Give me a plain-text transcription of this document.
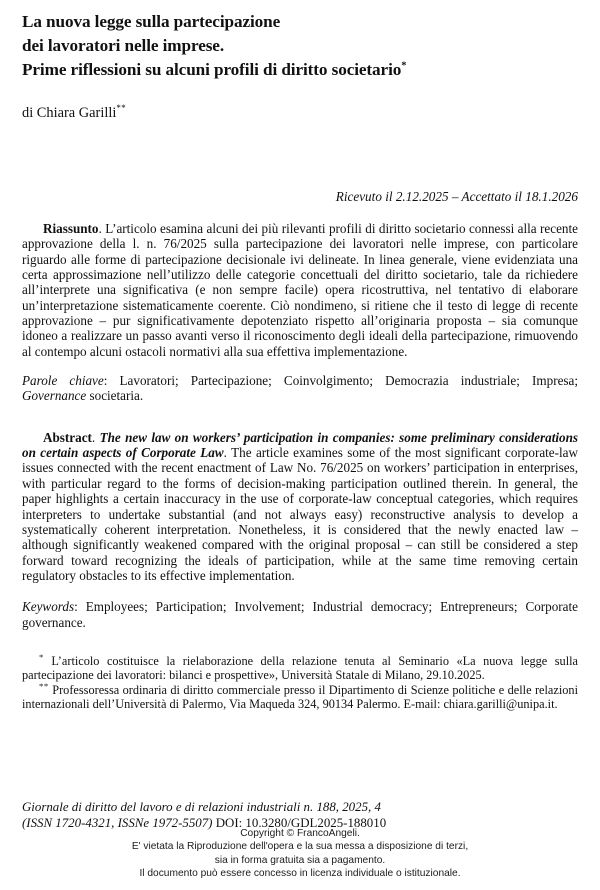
La nuova legge sulla partecipazione
dei lavoratori nelle imprese.
Prime riflessioni su alcuni profili di diritto societario*
di Chiara Garilli**
Ricevuto il 2.12.2025 – Accettato il 18.1.2026
Riassunto. L’articolo esamina alcuni dei più rilevanti profili di diritto societario connessi alla recente approvazione della l. n. 76/2025 sulla partecipazione dei lavoratori nelle imprese, con particolare riguardo alle forme di partecipazione decisionale ivi delineate. In linea generale, viene evidenziata una certa approssimazione nell’utilizzo delle categorie concettuali del diritto societario, tale da richiedere all’interprete una significativa (e non sempre facile) opera ricostruttiva, nel tentativo di elaborare un’interpretazione sistematicamente coerente. Ciò nondimeno, si ritiene che il testo di legge di recente approvazione – pur significativamente depotenziato rispetto all’originaria proposta – sia comunque idoneo a realizzare un passo avanti verso il riconoscimento degli ideali della partecipazione, rimuovendo al contempo alcuni ostacoli normativi alla sua effettiva implementazione.
Parole chiave: Lavoratori; Partecipazione; Coinvolgimento; Democrazia industriale; Impresa; Governance societaria.
Abstract. The new law on workers’ participation in companies: some preliminary considerations on certain aspects of Corporate Law. The article examines some of the most significant corporate-law issues connected with the recent enactment of Law No. 76/2025 on workers’ participation in enterprises, with particular regard to the forms of decision-making participation outlined therein. In general, the paper highlights a certain inaccuracy in the use of corporate-law conceptual categories, which requires interpreters to undertake substantial (and not always easy) reconstructive analysis to develop a systematically coherent interpretation. Nonetheless, it is considered that the newly enacted law – although significantly weakened compared with the original proposal – can still be considered a step forward toward recognizing the ideals of participation, while at the same time removing certain regulatory obstacles to its effective implementation.
Keywords: Employees; Participation; Involvement; Industrial democracy; Entrepreneurs; Corporate governance.

* L’articolo costituisce la rielaborazione della relazione tenuta al Seminario «La nuova legge sulla partecipazione dei lavoratori: bilanci e prospettive», Università Statale di Milano, 29.10.2025.

** Professoressa ordinaria di diritto commerciale presso il Dipartimento di Scienze politiche e delle relazioni internazionali dell’Università di Palermo, Via Maqueda 324, 90134 Palermo. E-mail: chiara.garilli@unipa.it.

Giornale di diritto del lavoro e di relazioni industriali n. 188, 2025, 4
(ISSN 1720-4321, ISSNe 1972-5507) DOI: 10.3280/GDL2025-188010
Copyright © FrancoAngeli.
E' vietata la Riproduzione dell'opera e la sua messa a disposizione di terzi,
sia in forma gratuita sia a pagamento.
Il documento può essere concesso in licenza individuale o istituzionale.
